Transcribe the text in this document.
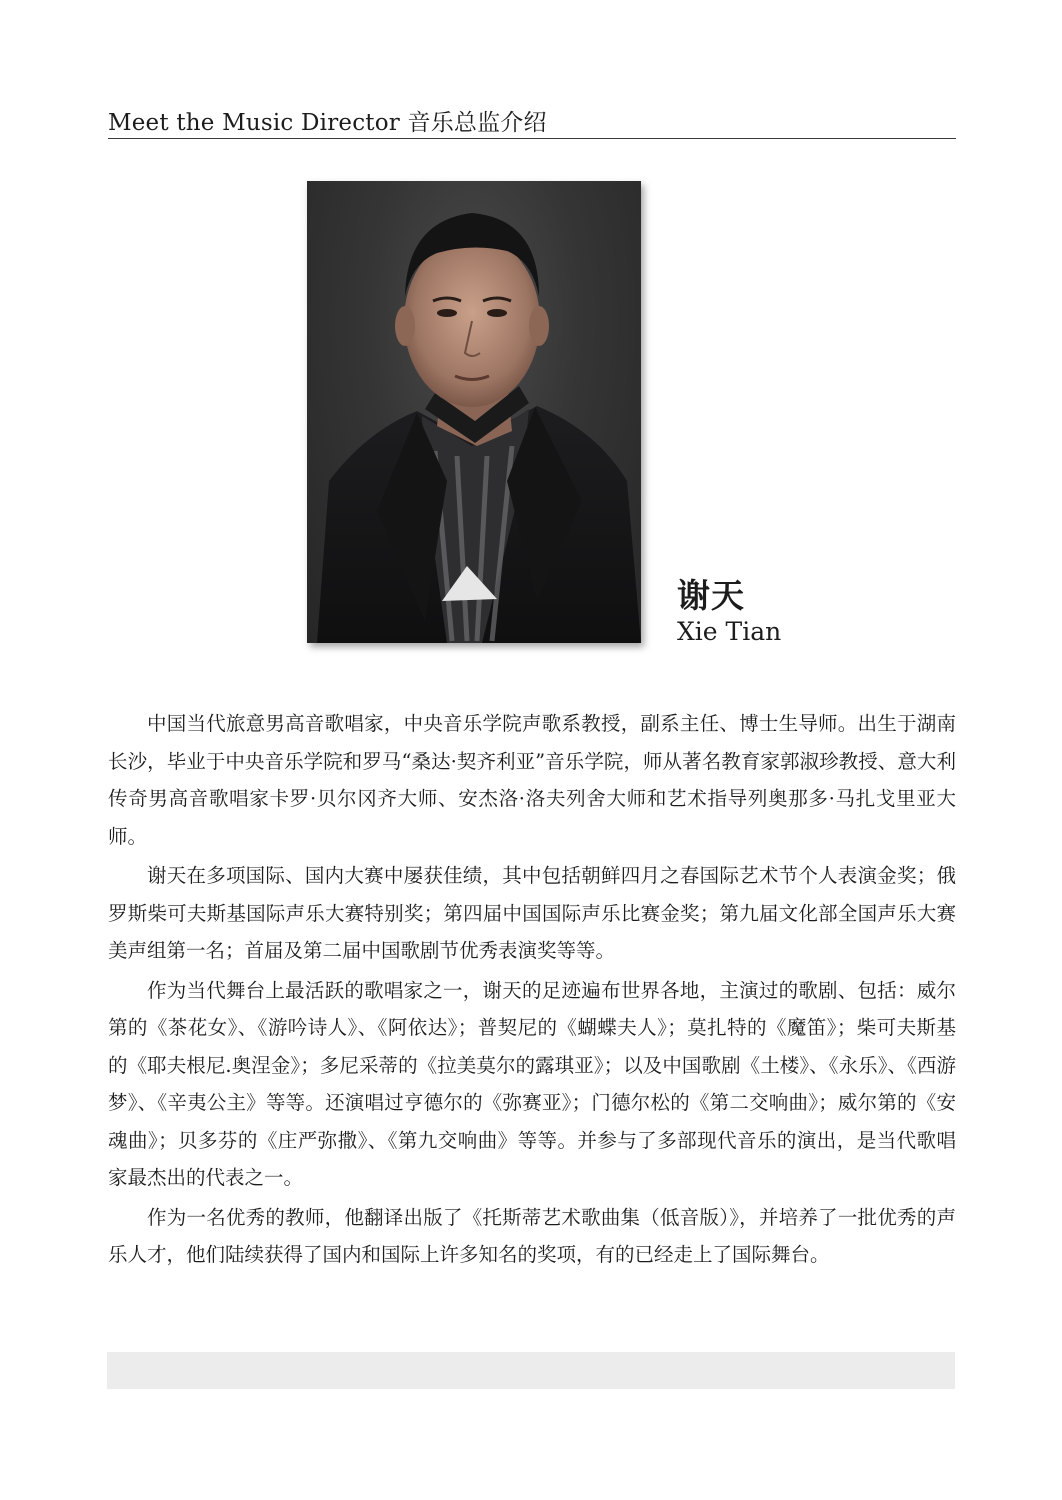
Meet the Music Director 音乐总监介绍
谢天
Xie Tian

中国当代旅意男高音歌唱家，中央音乐学院声歌系教授，副系主任、博士生导师。出生于湖南长沙，毕业于中央音乐学院和罗马“桑达·契齐利亚”音乐学院，师从著名教育家郭淑珍教授、意大利传奇男高音歌唱家卡罗·贝尔冈齐大师、安杰洛·洛夫列舍大师和艺术指导列奥那多·马扎戈里亚大师。

谢天在多项国际、国内大赛中屡获佳绩，其中包括朝鲜四月之春国际艺术节个人表演金奖；俄罗斯柴可夫斯基国际声乐大赛特别奖；第四届中国国际声乐比赛金奖；第九届文化部全国声乐大赛美声组第一名；首届及第二届中国歌剧节优秀表演奖等等。

作为当代舞台上最活跃的歌唱家之一，谢天的足迹遍布世界各地，主演过的歌剧、包括：威尔第的《茶花女》、《游吟诗人》、《阿依达》；普契尼的《蝴蝶夫人》；莫扎特的《魔笛》；柴可夫斯基的《耶夫根尼.奥涅金》；多尼采蒂的《拉美莫尔的露琪亚》；以及中国歌剧《土楼》、《永乐》、《西游梦》、《辛夷公主》等等。还演唱过亨德尔的《弥赛亚》；门德尔松的《第二交响曲》；威尔第的《安魂曲》；贝多芬的《庄严弥撒》、《第九交响曲》等等。并参与了多部现代音乐的演出，是当代歌唱家最杰出的代表之一。

作为一名优秀的教师，他翻译出版了《托斯蒂艺术歌曲集（低音版）》，并培养了一批优秀的声乐人才，他们陆续获得了国内和国际上许多知名的奖项，有的已经走上了国际舞台。
